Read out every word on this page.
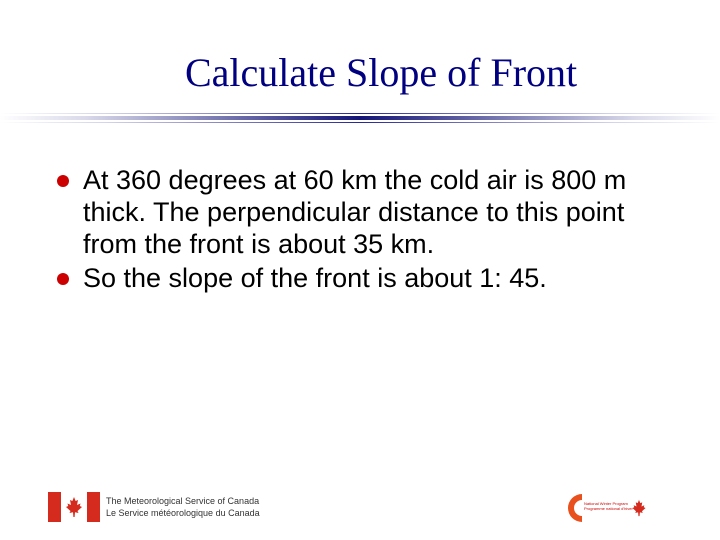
Calculate Slope of Front
At 360 degrees at 60 km the cold air is 800 m thick. The perpendicular distance to this point from the front is about 35 km.
So the slope of the front is about 1: 45.
The Meteorological Service of Canada
Le Service météorologique du Canada
National Winter Program
Programme national d'hiver
